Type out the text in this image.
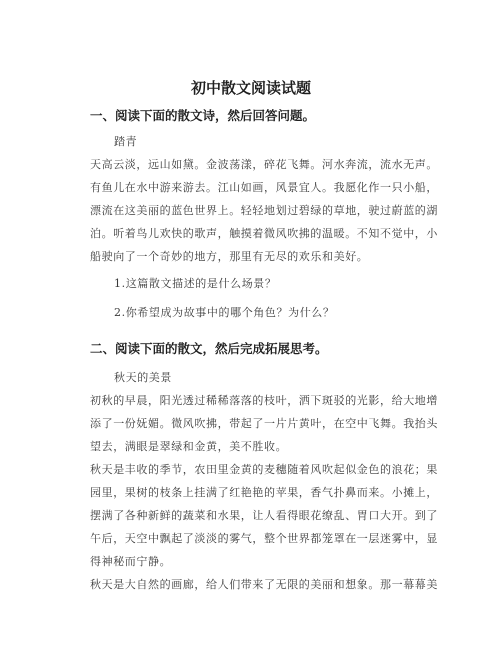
初中散文阅读试题
一、阅读下面的散文诗，然后回答问题。
踏青
天高云淡，远山如黛。金波荡漾，碎花飞舞。河水奔流，流水无声。
有鱼儿在水中游来游去。江山如画，风景宜人。我愿化作一只小船，
漂流在这美丽的蓝色世界上。轻轻地划过碧绿的草地，驶过蔚蓝的湖
泊。听着鸟儿欢快的歌声，触摸着微风吹拂的温暖。不知不觉中，小
船驶向了一个奇妙的地方，那里有无尽的欢乐和美好。
1.这篇散文描述的是什么场景？
2.你希望成为故事中的哪个角色？为什么？
二、阅读下面的散文，然后完成拓展思考。
秋天的美景
初秋的早晨，阳光透过稀稀落落的枝叶，洒下斑驳的光影，给大地增
添了一份妩媚。微风吹拂，带起了一片片黄叶，在空中飞舞。我抬头
望去，满眼是翠绿和金黄，美不胜收。
秋天是丰收的季节，农田里金黄的麦穗随着风吹起似金色的浪花；果
园里，果树的枝条上挂满了红艳艳的苹果，香气扑鼻而来。小摊上，
摆满了各种新鲜的蔬菜和水果，让人看得眼花缭乱、胃口大开。到了
午后，天空中飘起了淡淡的雾气，整个世界都笼罩在一层迷雾中，显
得神秘而宁静。
秋天是大自然的画廊，给人们带来了无限的美丽和想象。那一幕幕美
